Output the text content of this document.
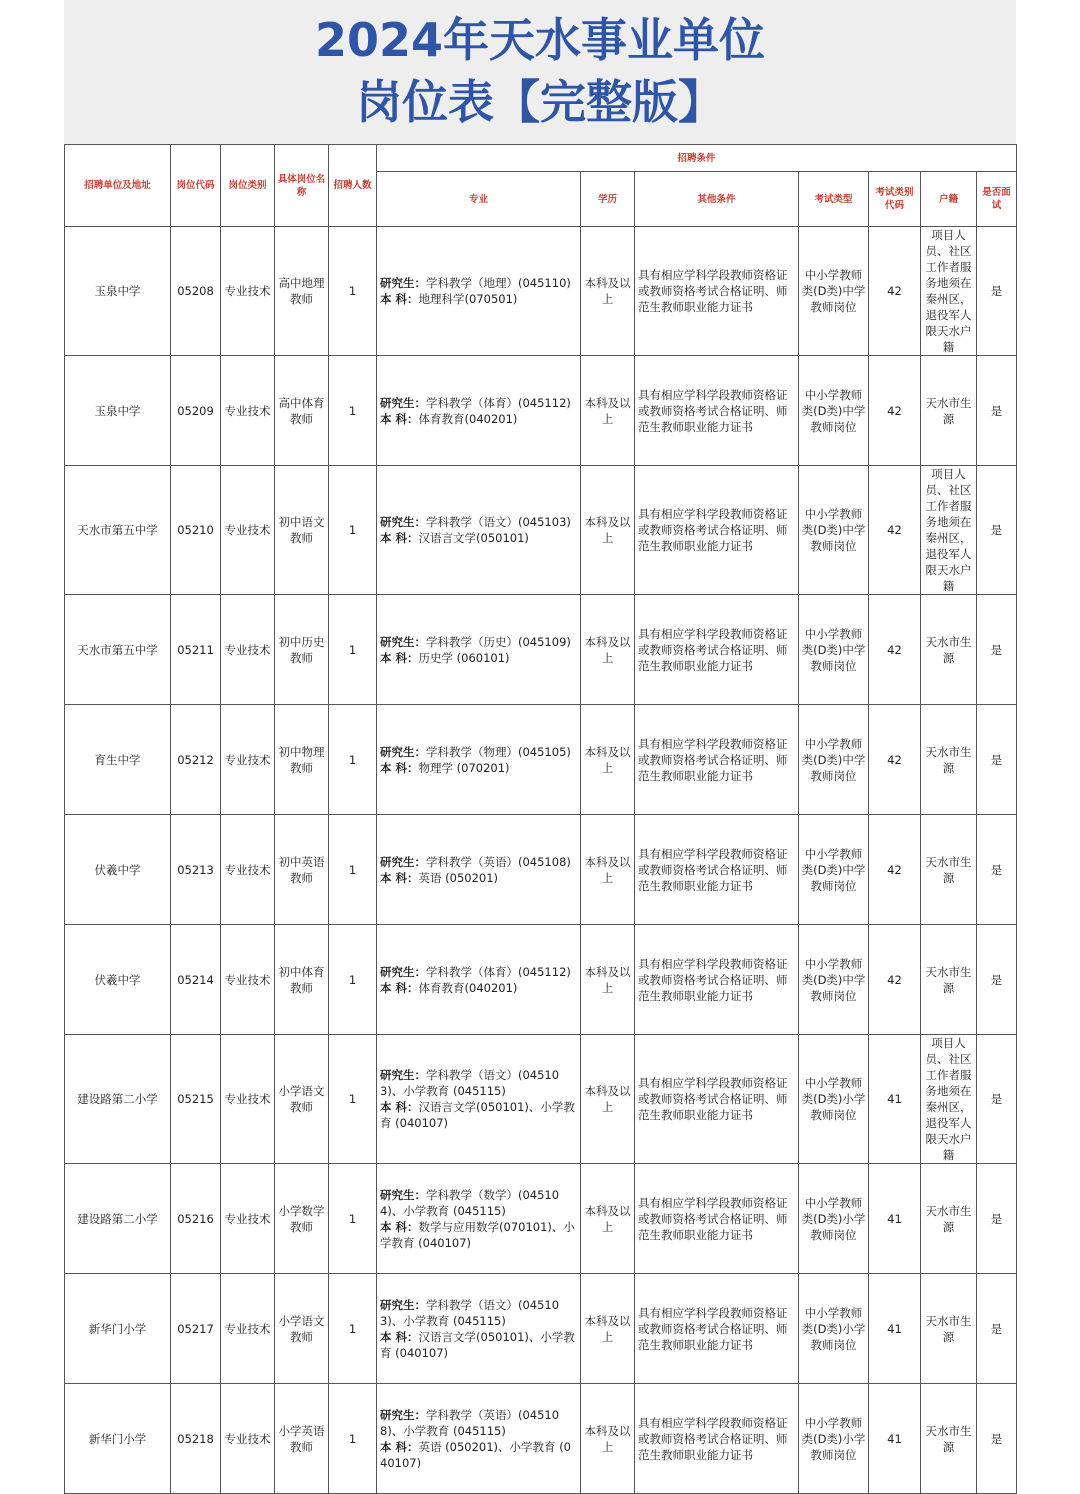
2024年天水事业单位
岗位表【完整版】
招聘单位及地址	岗位代码	岗位类别	具体岗位名称	招聘人数	招聘条件						
					专业	学历	其他条件	考试类型	考试类别代码	户籍	是否面试
玉泉中学	05208	专业技术	高中地理教师	1	研究生：学科教学（地理）(045110)
本 科：地理科学(070501)	本科及以上	具有相应学科学段教师资格证或教师资格考试合格证明、师范生教师职业能力证书	中小学教师类(D类)中学教师岗位	42	项目人员、社区工作者服务地须在秦州区，退役军人限天水户籍	是
玉泉中学	05209	专业技术	高中体育教师	1	研究生：学科教学（体育）(045112)
本 科：体育教育(040201)	本科及以上	具有相应学科学段教师资格证或教师资格考试合格证明、师范生教师职业能力证书	中小学教师类(D类)中学教师岗位	42	天水市生源	是
天水市第五中学	05210	专业技术	初中语文教师	1	研究生：学科教学（语文）(045103)
本 科：汉语言文学(050101)	本科及以上	具有相应学科学段教师资格证或教师资格考试合格证明、师范生教师职业能力证书	中小学教师类(D类)中学教师岗位	42	项目人员、社区工作者服务地须在秦州区，退役军人限天水户籍	是
天水市第五中学	05211	专业技术	初中历史教师	1	研究生：学科教学（历史）(045109)
本 科：历史学 (060101)	本科及以上	具有相应学科学段教师资格证或教师资格考试合格证明、师范生教师职业能力证书	中小学教师类(D类)中学教师岗位	42	天水市生源	是
育生中学	05212	专业技术	初中物理教师	1	研究生：学科教学（物理）(045105)
本 科：物理学 (070201)	本科及以上	具有相应学科学段教师资格证或教师资格考试合格证明、师范生教师职业能力证书	中小学教师类(D类)中学教师岗位	42	天水市生源	是
伏羲中学	05213	专业技术	初中英语教师	1	研究生：学科教学（英语）(045108)
本 科：英语 (050201)	本科及以上	具有相应学科学段教师资格证或教师资格考试合格证明、师范生教师职业能力证书	中小学教师类(D类)中学教师岗位	42	天水市生源	是
伏羲中学	05214	专业技术	初中体育教师	1	研究生：学科教学（体育）(045112)
本 科：体育教育(040201)	本科及以上	具有相应学科学段教师资格证或教师资格考试合格证明、师范生教师职业能力证书	中小学教师类(D类)中学教师岗位	42	天水市生源	是
建设路第二小学	05215	专业技术	小学语文教师	1	研究生：学科教学（语文）(045103)、小学教育 (045115)
本 科：汉语言文学(050101)、小学教育 (040107)	本科及以上	具有相应学科学段教师资格证或教师资格考试合格证明、师范生教师职业能力证书	中小学教师类(D类)小学教师岗位	41	项目人员、社区工作者服务地须在秦州区，退役军人限天水户籍	是
建设路第二小学	05216	专业技术	小学数学教师	1	研究生：学科教学（数学）(045104)、小学教育 (045115)
本 科：数学与应用数学(070101)、小学教育 (040107)	本科及以上	具有相应学科学段教师资格证或教师资格考试合格证明、师范生教师职业能力证书	中小学教师类(D类)小学教师岗位	41	天水市生源	是
新华门小学	05217	专业技术	小学语文教师	1	研究生：学科教学（语文）(045103)、小学教育 (045115)
本 科：汉语言文学(050101)、小学教育 (040107)	本科及以上	具有相应学科学段教师资格证或教师资格考试合格证明、师范生教师职业能力证书	中小学教师类(D类)小学教师岗位	41	天水市生源	是
新华门小学	05218	专业技术	小学英语教师	1	研究生：学科教学（英语）(045108)、小学教育 (045115)
本 科：英语 (050201)、小学教育 (040107)	本科及以上	具有相应学科学段教师资格证或教师资格考试合格证明、师范生教师职业能力证书	中小学教师类(D类)小学教师岗位	41	天水市生源	是
